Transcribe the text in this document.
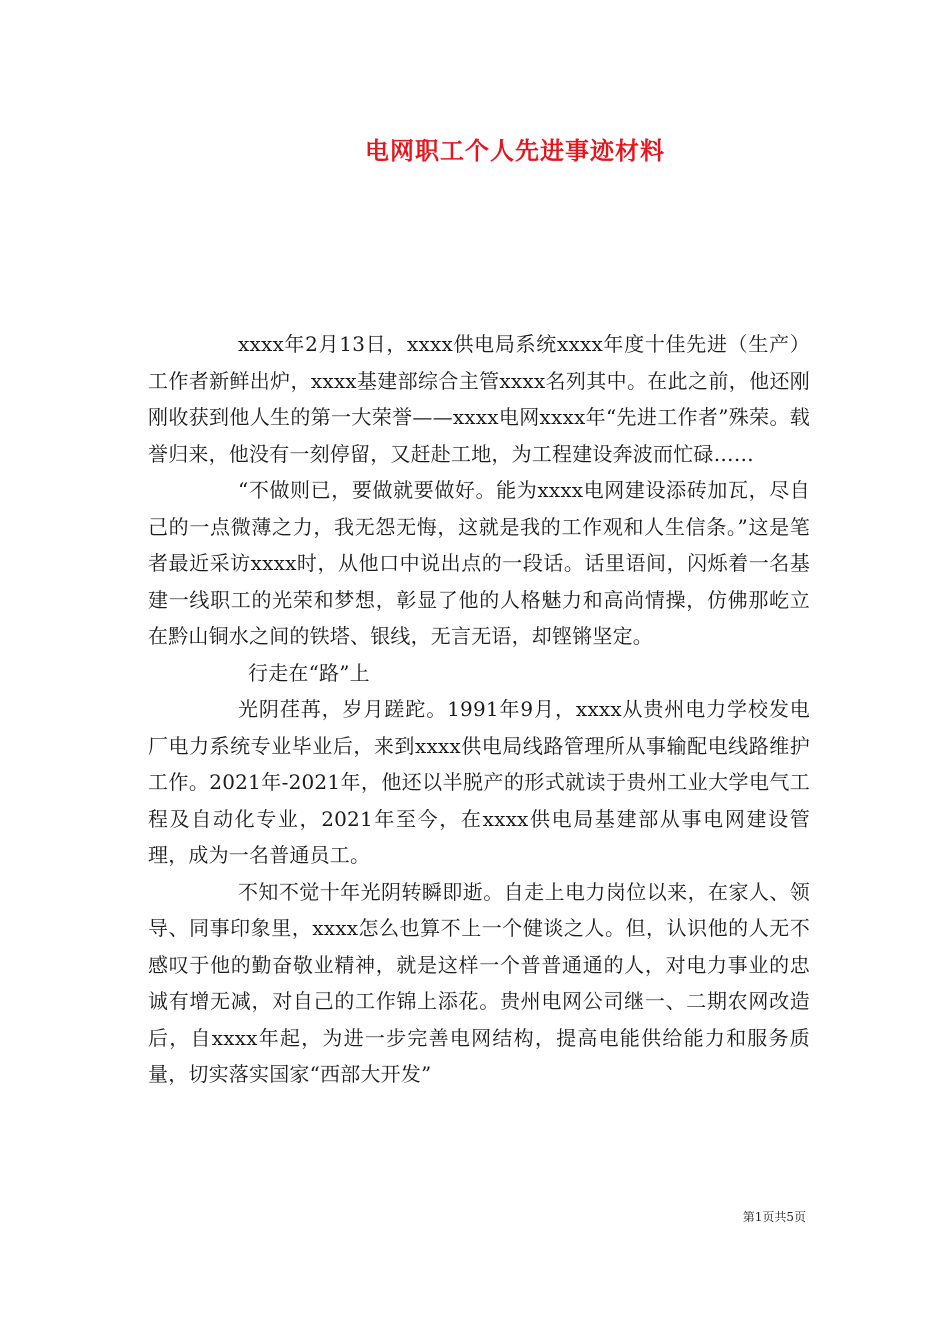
电网职工个人先进事迹材料

xxxx年2月13日，xxxx供电局系统xxxx年度十佳先进（生产）工作者新鲜出炉，xxxx基建部综合主管xxxx名列其中。在此之前，他还刚刚收获到他人生的第一大荣誉——xxxx电网xxxx年“先进工作者”殊荣。载誉归来，他没有一刻停留，又赶赴工地，为工程建设奔波而忙碌……

“不做则已，要做就要做好。能为xxxx电网建设添砖加瓦，尽自己的一点微薄之力，我无怨无悔，这就是我的工作观和人生信条。”这是笔者最近采访xxxx时，从他口中说出点的一段话。话里语间，闪烁着一名基建一线职工的光荣和梦想，彰显了他的人格魅力和高尚情操，仿佛那屹立在黔山铜水之间的铁塔、银线，无言无语，却铿锵坚定。

行走在“路”上

光阴荏苒，岁月蹉跎。1991年9月，xxxx从贵州电力学校发电厂电力系统专业毕业后，来到xxxx供电局线路管理所从事输配电线路维护工作。2021年-2021年，他还以半脱产的形式就读于贵州工业大学电气工程及自动化专业，2021年至今，在xxxx供电局基建部从事电网建设管理，成为一名普通员工。

不知不觉十年光阴转瞬即逝。自走上电力岗位以来，在家人、领导、同事印象里，xxxx怎么也算不上一个健谈之人。但，认识他的人无不感叹于他的勤奋敬业精神，就是这样一个普普通通的人，对电力事业的忠诚有增无减，对自己的工作锦上添花。贵州电网公司继一、二期农网改造后，自xxxx年起，为进一步完善电网结构，提高电能供给能力和服务质量，切实落实国家“西部大开发”

第1页共5页
